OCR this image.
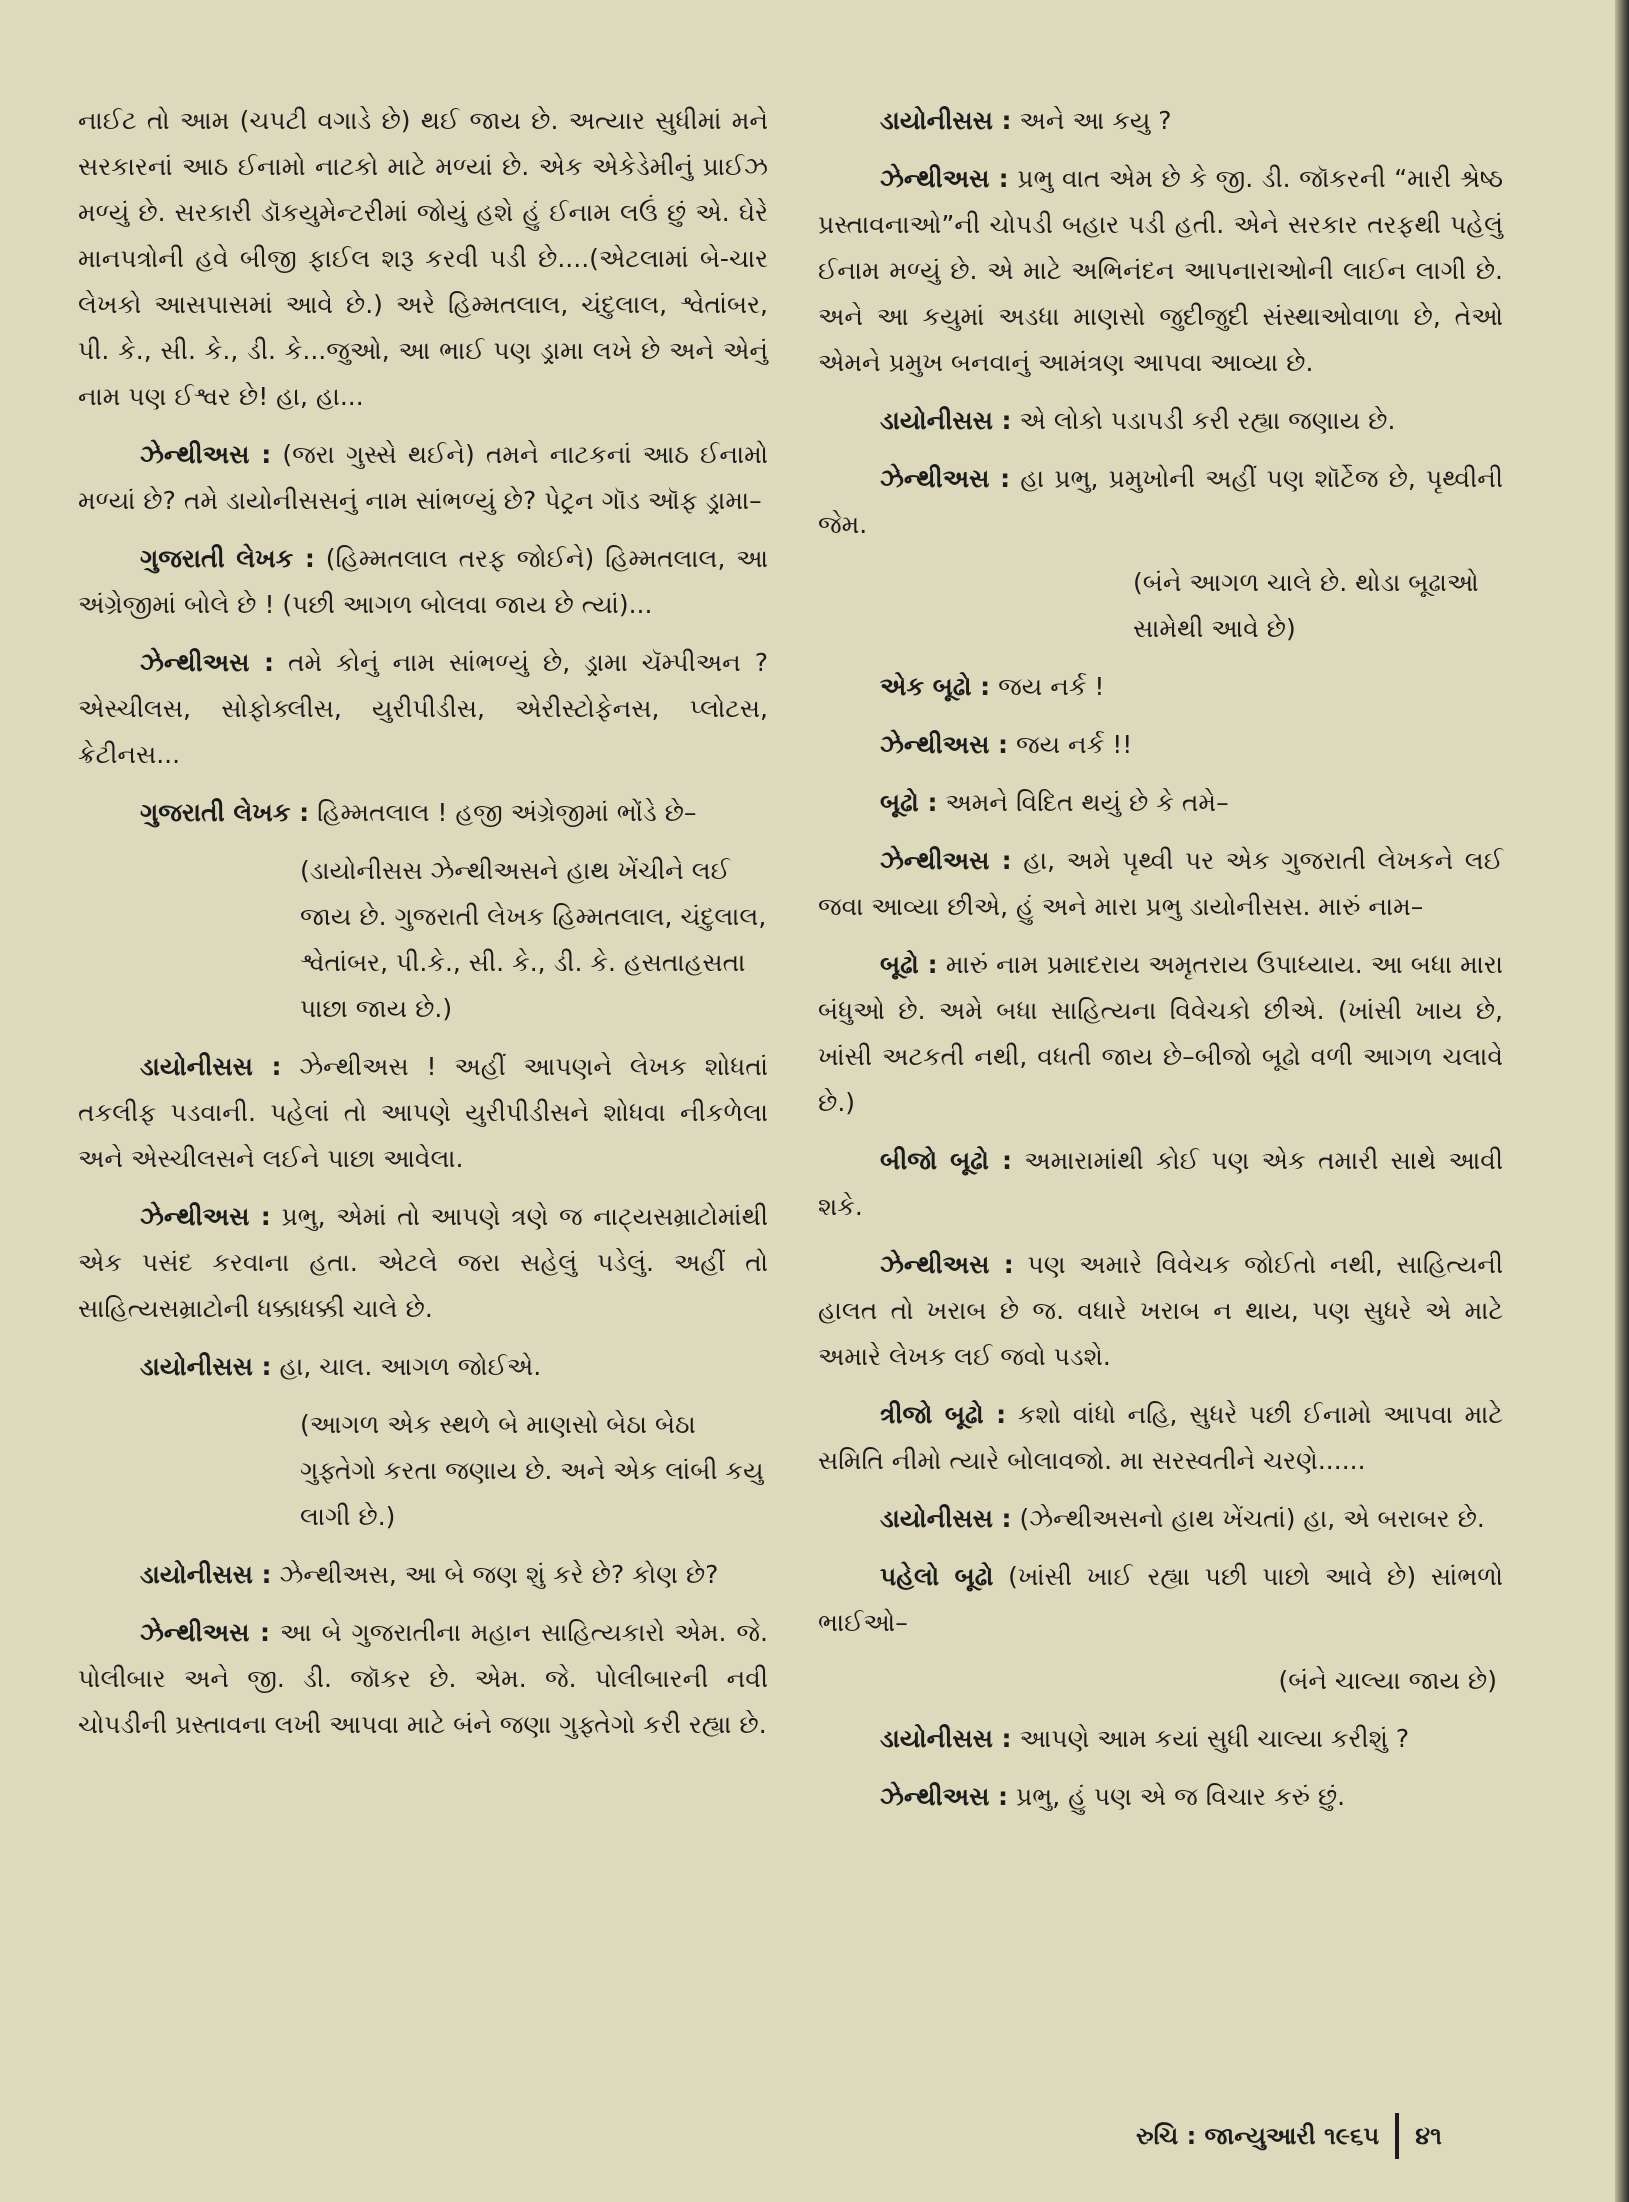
નાઈટ તો આમ (ચપટી વગાડે છે) થઈ જાય છે. અત્યાર સુધીમાં મને સરકારનાં આઠ ઈનામો નાટકો માટે મળ્યાં છે. એક એકેડેમીનું પ્રાઈઝ મળ્યું છે. સરકારી ડૉકયુમેન્ટરીમાં જોયું હશે હું ઈનામ લઉં છું એ. ઘેરે માનપત્રોની હવે બીજી ફાઈલ શરૂ કરવી પડી છે....(એટલામાં બે-ચાર લેખકો આસપાસમાં આવે છે.) અરે હિમ્મતલાલ, ચંદુલાલ, શ્વેતાંબર, પી. કે., સી. કે., ડી. કે...જુઓ, આ ભાઈ પણ ડ્રામા લખે છે અને એનું નામ પણ ઈશ્વર છે! હા, હા...

ઝેન્થીઅસ : (જરા ગુસ્સે થઈને) તમને નાટકનાં આઠ ઈનામો મળ્યાં છે? તમે ડાયોનીસસનું નામ સાંભળ્યું છે? પેટ્રન ગૉડ ઑફ ડ્રામા–

ગુજરાતી લેખક : (હિમ્મતલાલ તરફ જોઈને) હિમ્મતલાલ, આ અંગ્રેજીમાં બોલે છે ! (પછી આગળ બોલવા જાય છે ત્યાં)...

ઝેન્થીઅસ : તમે કોનું નામ સાંભળ્યું છે, ડ્રામા ચૅમ્પીઅન ? એસ્ચીલસ, સોફોક્લીસ, યુરીપીડીસ, એરીસ્ટોફેનસ, પ્લોટસ, ક્રેટીનસ...

ગુજરાતી લેખક : હિમ્મતલાલ ! હજી અંગ્રેજીમાં ભોંડે છે–

(ડાયોનીસસ ઝેન્થીઅસને હાથ ખેંચીને લઈ જાય છે. ગુજરાતી લેખક હિમ્મતલાલ, ચંદુલાલ, શ્વેતાંબર, પી.કે., સી. કે., ડી. કે. હસતાહસતા પાછા જાય છે.)

ડાયોનીસસ : ઝેન્થીઅસ ! અહીં આપણને લેખક શોધતાં તકલીફ પડવાની. પહેલાં તો આપણે યુરીપીડીસને શોધવા નીકળેલા અને એસ્ચીલસને લઈને પાછા આવેલા.

ઝેન્થીઅસ : પ્રભુ, એમાં તો આપણે ત્રણે જ નાટ્યસમ્રાટોમાંથી એક પસંદ કરવાના હતા. એટલે જરા સહેલું પડેલું. અહીં તો સાહિત્યસમ્રાટોની ધક્કાધક્કી ચાલે છે.

ડાયોનીસસ : હા, ચાલ. આગળ જોઈએ.

(આગળ એક સ્થળે બે માણસો બેઠા બેઠા ગુફ્તેગો કરતા જણાય છે. અને એક લાંબી કયુ લાગી છે.)

ડાયોનીસસ : ઝેન્થીઅસ, આ બે જણ શું કરે છે? કોણ છે?

ઝેન્થીઅસ : આ બે ગુજરાતીના મહાન સાહિત્યકારો એમ. જે. પોલીબાર અને જી. ડી. જૉકર છે. એમ. જે. પોલીબારની નવી ચોપડીની પ્રસ્તાવના લખી આપવા માટે બંને જણા ગુફ્તેગો કરી રહ્યા છે.

ડાયોનીસસ : અને આ કયુ ?

ઝેન્થીઅસ : પ્રભુ વાત એમ છે કે જી. ડી. જૉકરની “મારી શ્રેષ્ઠ પ્રસ્તાવનાઓ”ની ચોપડી બહાર પડી હતી. એને સરકાર તરફથી પહેલું ઈનામ મળ્યું છે. એ માટે અભિનંદન આપનારાઓની લાઈન લાગી છે. અને આ કયુમાં અડધા માણસો જુદીજુદી સંસ્થાઓવાળા છે, તેઓ એમને પ્રમુખ બનવાનું આમંત્રણ આપવા આવ્યા છે.

ડાયોનીસસ : એ લોકો પડાપડી કરી રહ્યા જણાય છે.

ઝેન્થીઅસ : હા પ્રભુ, પ્રમુખોની અહીં પણ શૉર્ટેજ છે, પૃથ્વીની જેમ.

(બંને આગળ ચાલે છે. થોડા બૂઢાઓ સામેથી આવે છે)

એક બૂઢો : જય નર્ક !

ઝેન્થીઅસ : જય નર્ક !!

બૂઢો : અમને વિદિત થયું છે કે તમે–

ઝેન્થીઅસ : હા, અમે પૃથ્વી પર એક ગુજરાતી લેખકને લઈ જવા આવ્યા છીએ, હું અને મારા પ્રભુ ડાયોનીસસ. મારું નામ–

બૂઢો : મારું નામ પ્રમાદરાય અમૃતરાય ઉપાધ્યાય. આ બધા મારા બંધુઓ છે. અમે બધા સાહિત્યના વિવેચકો છીએ. (ખાંસી ખાય છે, ખાંસી અટકતી નથી, વધતી જાય છે–બીજો બૂઢો વળી આગળ ચલાવે છે.)

બીજો બૂઢો : અમારામાંથી કોઈ પણ એક તમારી સાથે આવી શકે.

ઝેન્થીઅસ : પણ અમારે વિવેચક જોઈતો નથી, સાહિત્યની હાલત તો ખરાબ છે જ. વધારે ખરાબ ન થાય, પણ સુધરે એ માટે અમારે લેખક લઈ જવો પડશે.

ત્રીજો બૂઢો : કશો વાંધો નહિ, સુધરે પછી ઈનામો આપવા માટે સમિતિ નીમો ત્યારે બોલાવજો. મા સરસ્વતીને ચરણે......

ડાયોનીસસ : (ઝેન્થીઅસનો હાથ ખેંચતાં) હા, એ બરાબર છે.

પહેલો બૂઢો (ખાંસી ખાઈ રહ્યા પછી પાછો આવે છે) સાંભળો ભાઈઓ–

(બંને ચાલ્યા જાય છે)

ડાયોનીસસ : આપણે આમ કયાં સુધી ચાલ્યા કરીશું ?

ઝેન્થીઅસ : પ્રભુ, હું પણ એ જ વિચાર કરું છું.

રુચિ : જાન્યુઆરી ૧૯૬૫ ૪૧
